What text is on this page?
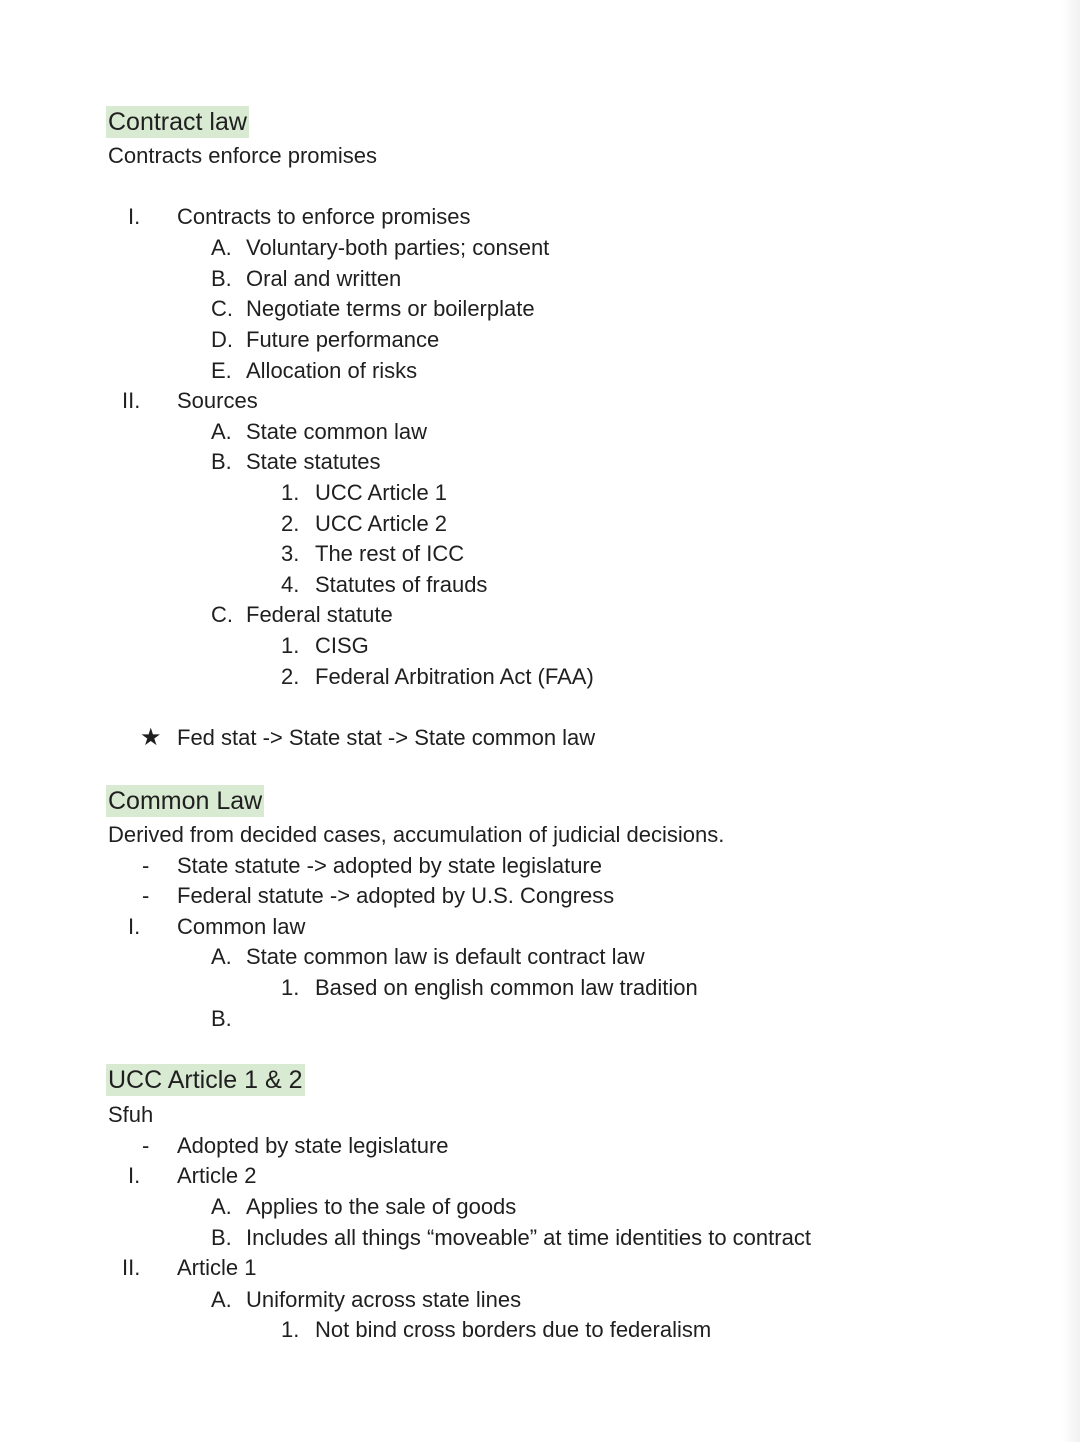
Contract law
Contracts enforce promises
I. Contracts to enforce promises
A. Voluntary-both parties; consent
B. Oral and written
C. Negotiate terms or boilerplate
D. Future performance
E. Allocation of risks
II. Sources
A. State common law
B. State statutes
1. UCC Article 1
2. UCC Article 2
3. The rest of ICC
4. Statutes of frauds
C. Federal statute
1. CISG
2. Federal Arbitration Act (FAA)
★ Fed stat -> State stat -> State common law
Common Law
Derived from decided cases, accumulation of judicial decisions.
- State statute -> adopted by state legislature
- Federal statute -> adopted by U.S. Congress
I. Common law
A. State common law is default contract law
1. Based on english common law tradition
B.
UCC Article 1 & 2
Sfuh
- Adopted by state legislature
I. Article 2
A. Applies to the sale of goods
B. Includes all things “moveable” at time identities to contract
II. Article 1
A. Uniformity across state lines
1. Not bind cross borders due to federalism
